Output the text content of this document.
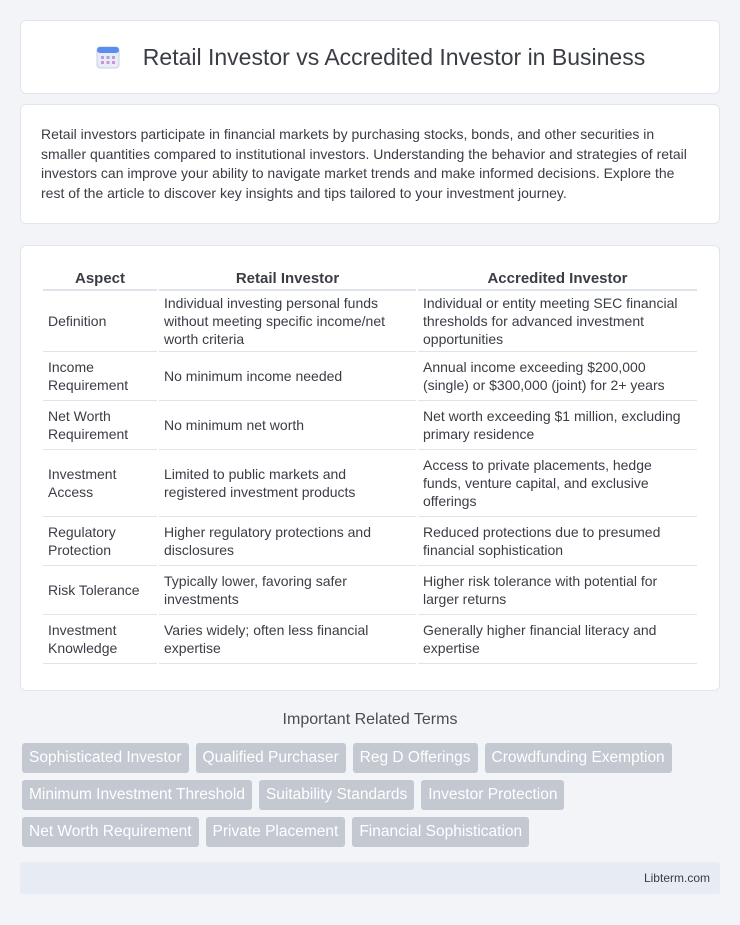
Retail Investor vs Accredited Investor in Business

Retail investors participate in financial markets by purchasing stocks, bonds, and other securities in smaller quantities compared to institutional investors. Understanding the behavior and strategies of retail investors can improve your ability to navigate market trends and make informed decisions. Explore the rest of the article to discover key insights and tips tailored to your investment journey.

Aspect	Retail Investor	Accredited Investor
Definition	Individual investing personal funds without meeting specific income/net worth criteria	Individual or entity meeting SEC financial thresholds for advanced investment opportunities
Income Requirement	No minimum income needed	Annual income exceeding $200,000 (single) or $300,000 (joint) for 2+ years
Net Worth Requirement	No minimum net worth	Net worth exceeding $1 million, excluding primary residence
Investment Access	Limited to public markets and registered investment products	Access to private placements, hedge funds, venture capital, and exclusive offerings
Regulatory Protection	Higher regulatory protections and disclosures	Reduced protections due to presumed financial sophistication
Risk Tolerance	Typically lower, favoring safer investments	Higher risk tolerance with potential for larger returns
Investment Knowledge	Varies widely; often less financial expertise	Generally higher financial literacy and expertise
Important Related Terms
Sophisticated Investor	Qualified Purchaser	Reg D Offerings	Crowdfunding Exemption
Minimum Investment Threshold	Suitability Standards	Investor Protection
Net Worth Requirement	Private Placement	Financial Sophistication
Libterm.com
